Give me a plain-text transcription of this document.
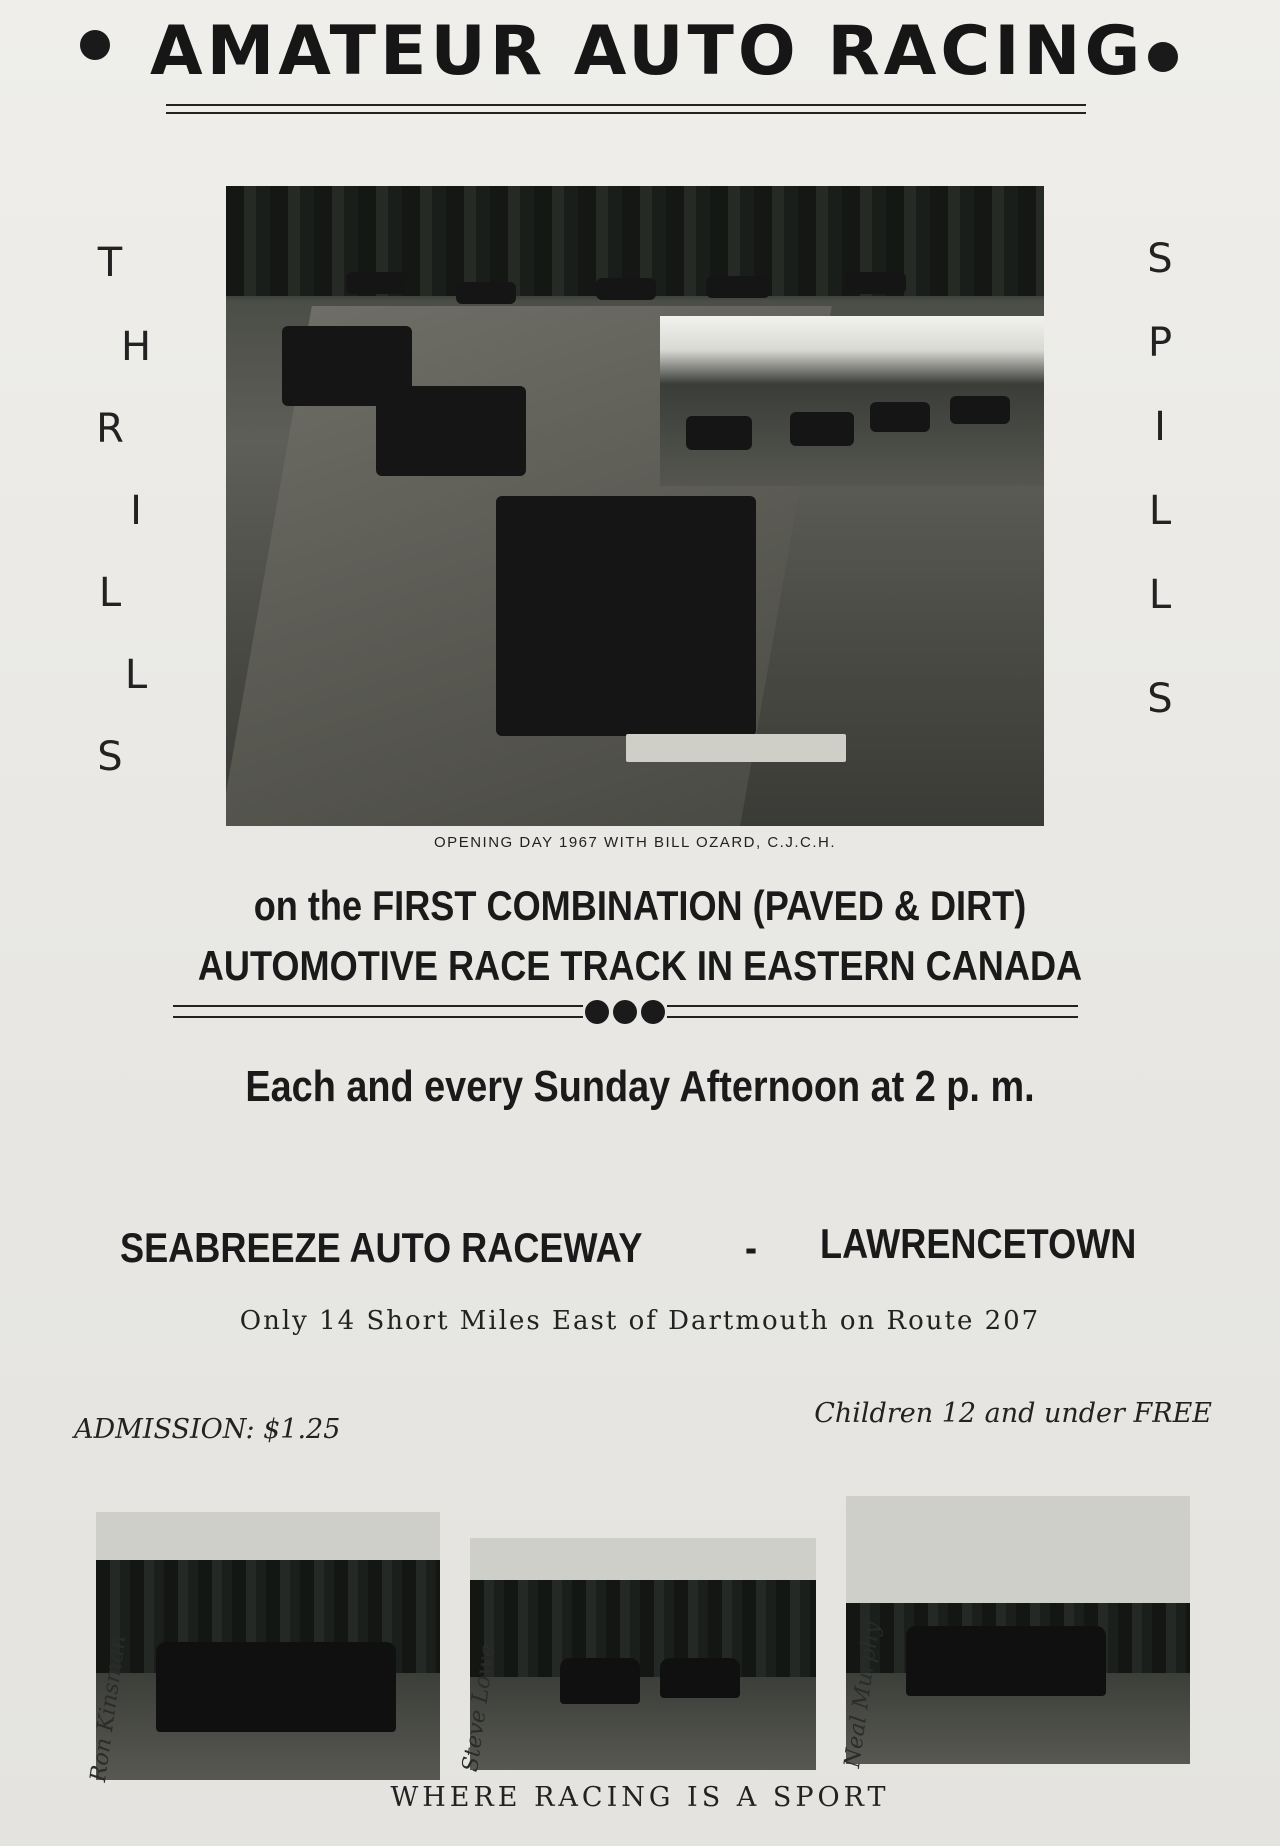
AMATEUR AUTO RACING
T
H
R
I
L
L
S
S
P
I
L
L
S
OPENING DAY 1967 WITH BILL OZARD, C.J.C.H.
on the FIRST COMBINATION (PAVED & DIRT)
AUTOMOTIVE RACE TRACK IN EASTERN CANADA
Each and every Sunday Afternoon at 2 p. m.
SEABREEZE AUTO RACEWAY - LAWRENCETOWN
Only 14 Short Miles East of Dartmouth on Route 207
ADMISSION: $1.25
Children 12 and under FREE
Ron Kinsman	Steve Lowe	Neal Murphy
WHERE RACING IS A SPORT
